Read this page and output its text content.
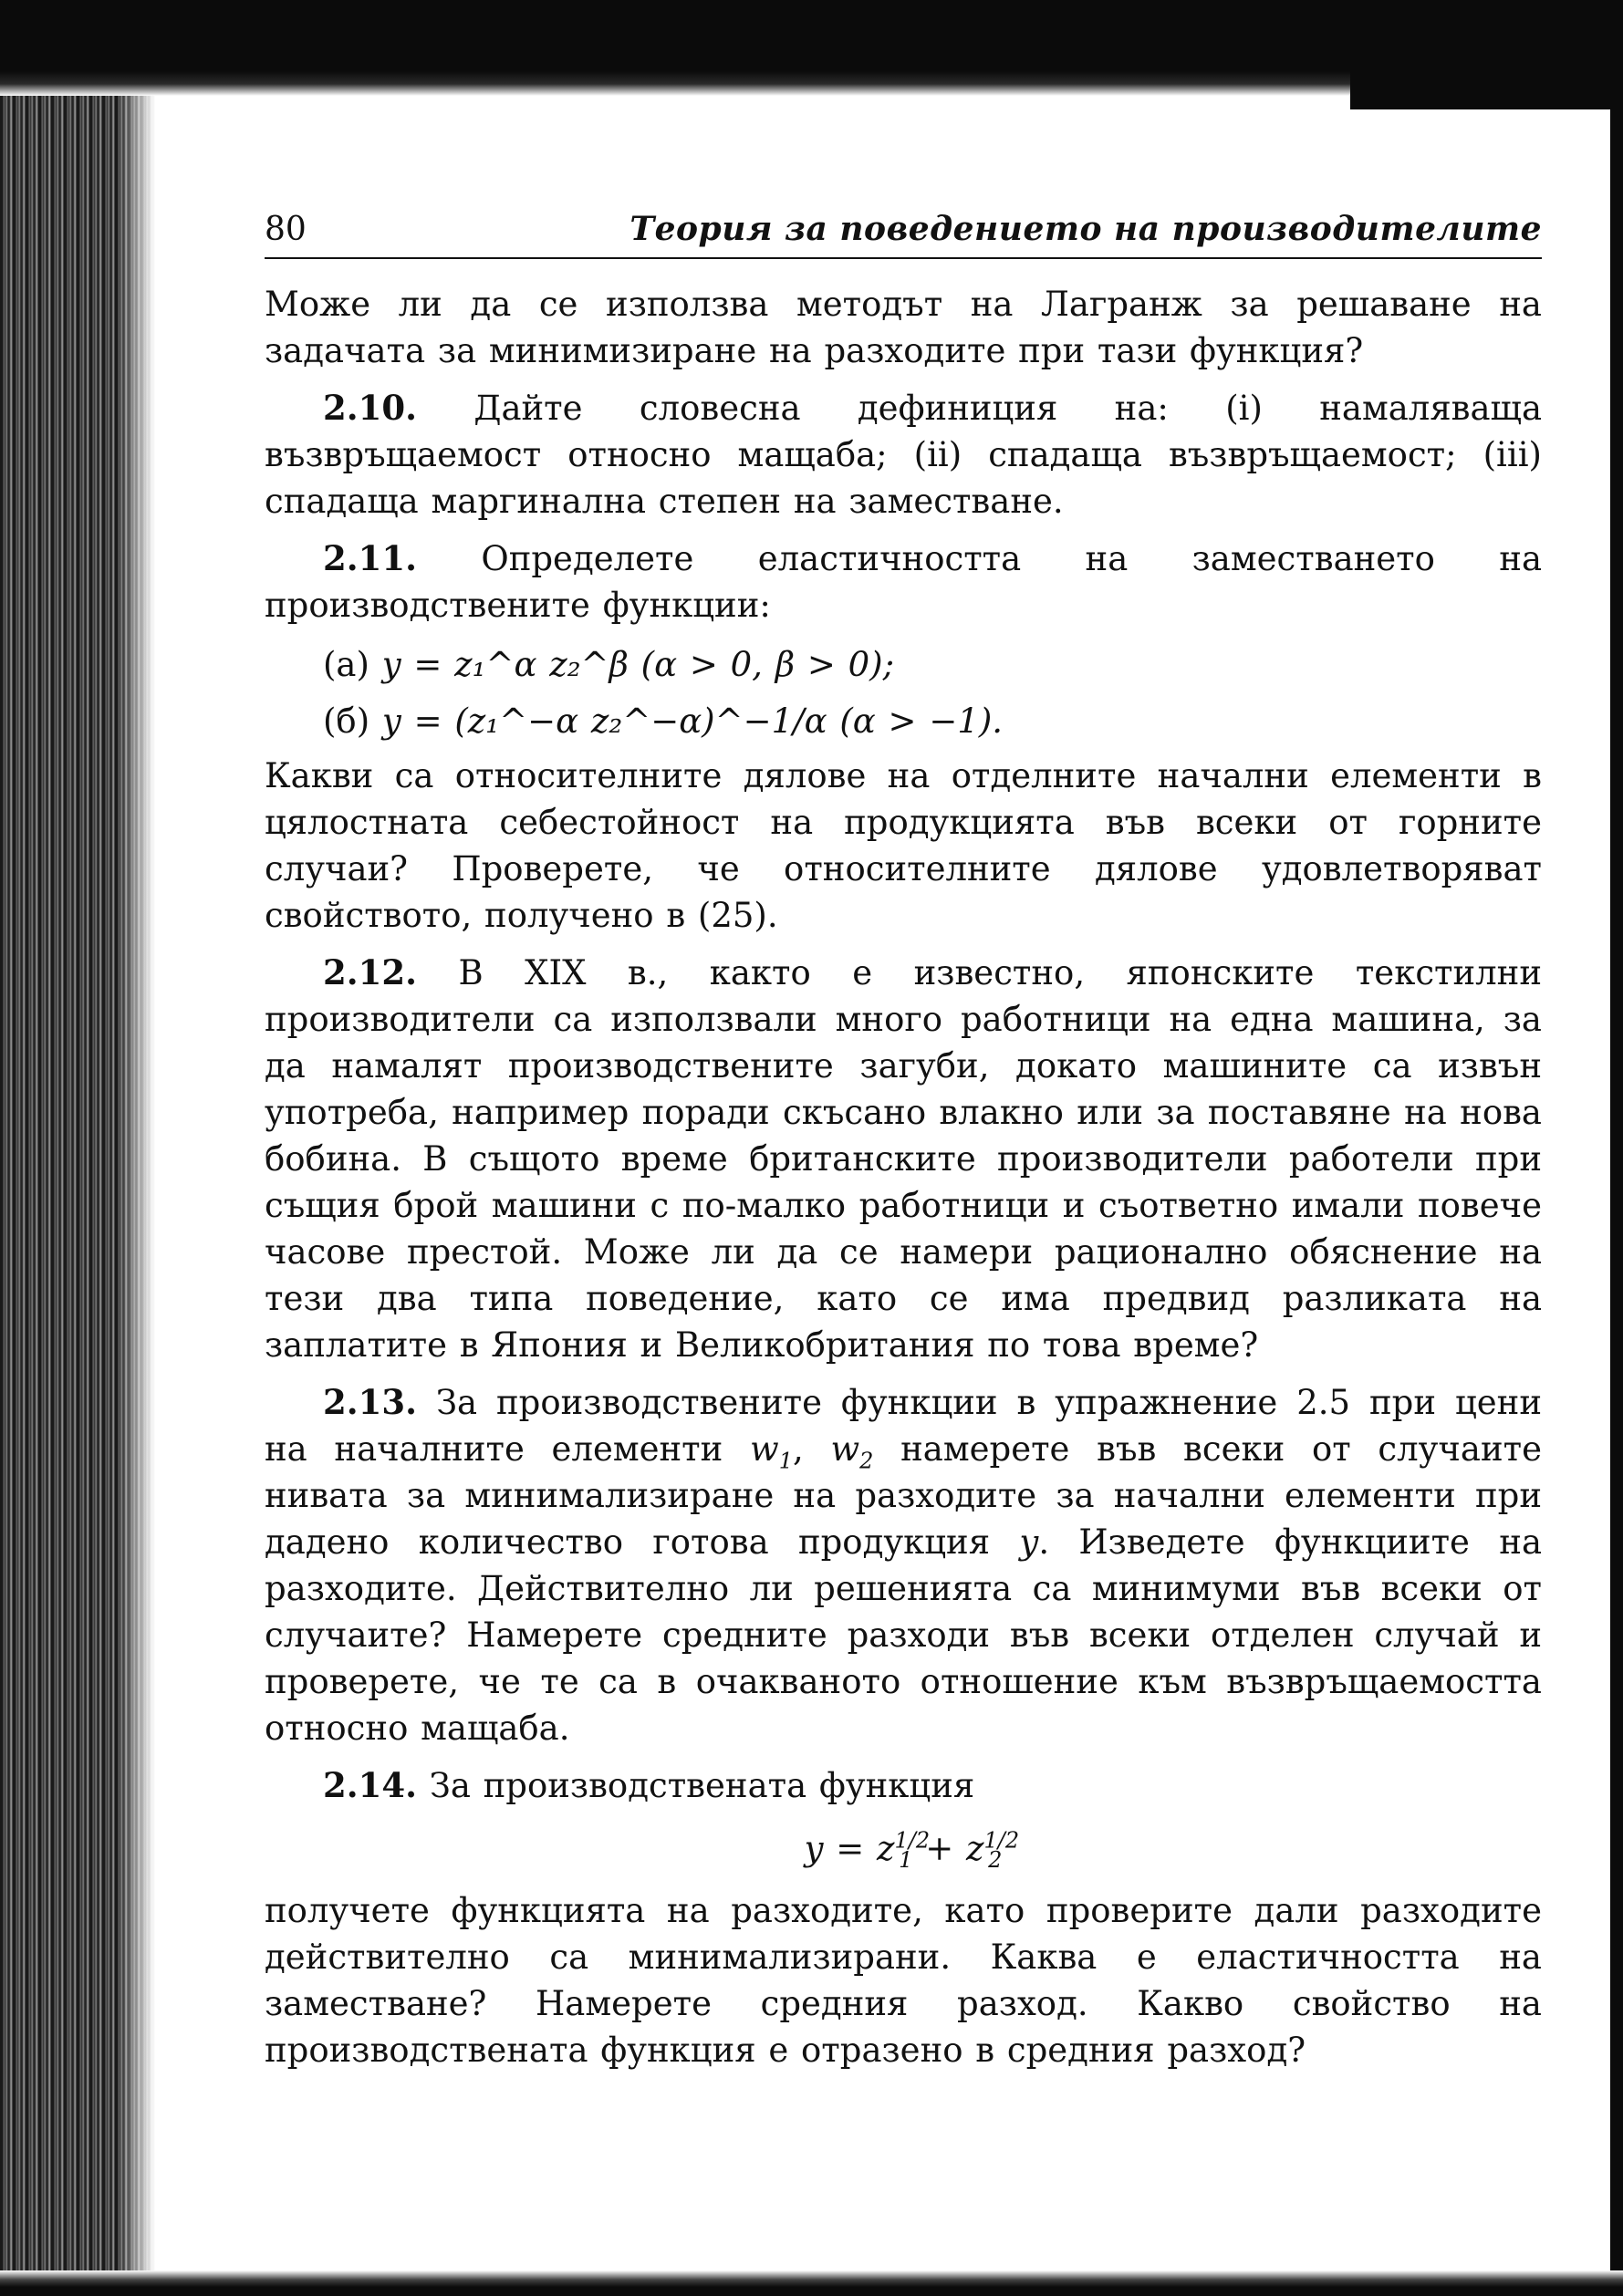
80	Теория за поведението на производителите

Може ли да се използва методът на Лагранж за решаване на задачата за минимизиране на разходите при тази функция?

2.10. Дайте словесна дефиниция на: (i) намаляваща възвръщаемост относно мащаба; (ii) спадаща възвръщаемост; (iii) спадаща маргинална степен на заместване.

2.11. Определете еластичността на заместването на производствените функции:

(а) y = z₁^α z₂^β (α > 0, β > 0);
(б) y = (z₁^−α z₂^−α)^−1/α (α > −1).

Какви са относителните дялове на отделните начални елементи в цялостната себестойност на продукцията във всеки от горните случаи? Проверете, че относителните дялове удовлетворяват свойството, получено в (25).

2.12. В XIX в., както е известно, японските текстилни производители са използвали много работници на една машина, за да намалят производствените загуби, докато машините са извън употреба, например поради скъсано влакно или за поставяне на нова бобина. В същото време британските производители работели при същия брой машини с по-малко работници и съответно имали повече часове престой. Може ли да се намери рационално обяснение на тези два типа поведение, като се има предвид разликата на заплатите в Япония и Великобритания по това време?

2.13. За производствените функции в упражнение 2.5 при цени на началните елементи $w_1$, $w_2$ намерете във всеки от случаите нивата за минимализиране на разходите за начални елементи при дадено количество готова продукция y. Изведете функциите на разходите. Действително ли решенията са минимуми във всеки от случаите? Намерете средните разходи във всеки отделен случай и проверете, че те са в очакваното отношение към възвръщаемостта относно мащаба.

2.14. За производствената функция

$y = z^{1/2}_1 + z^{1/2}_2$

получете функцията на разходите, като проверите дали разходите действително са минимализирани. Каква е еластичността на заместване? Намерете средния разход. Какво свойство на производствената функция е отразено в средния разход?
